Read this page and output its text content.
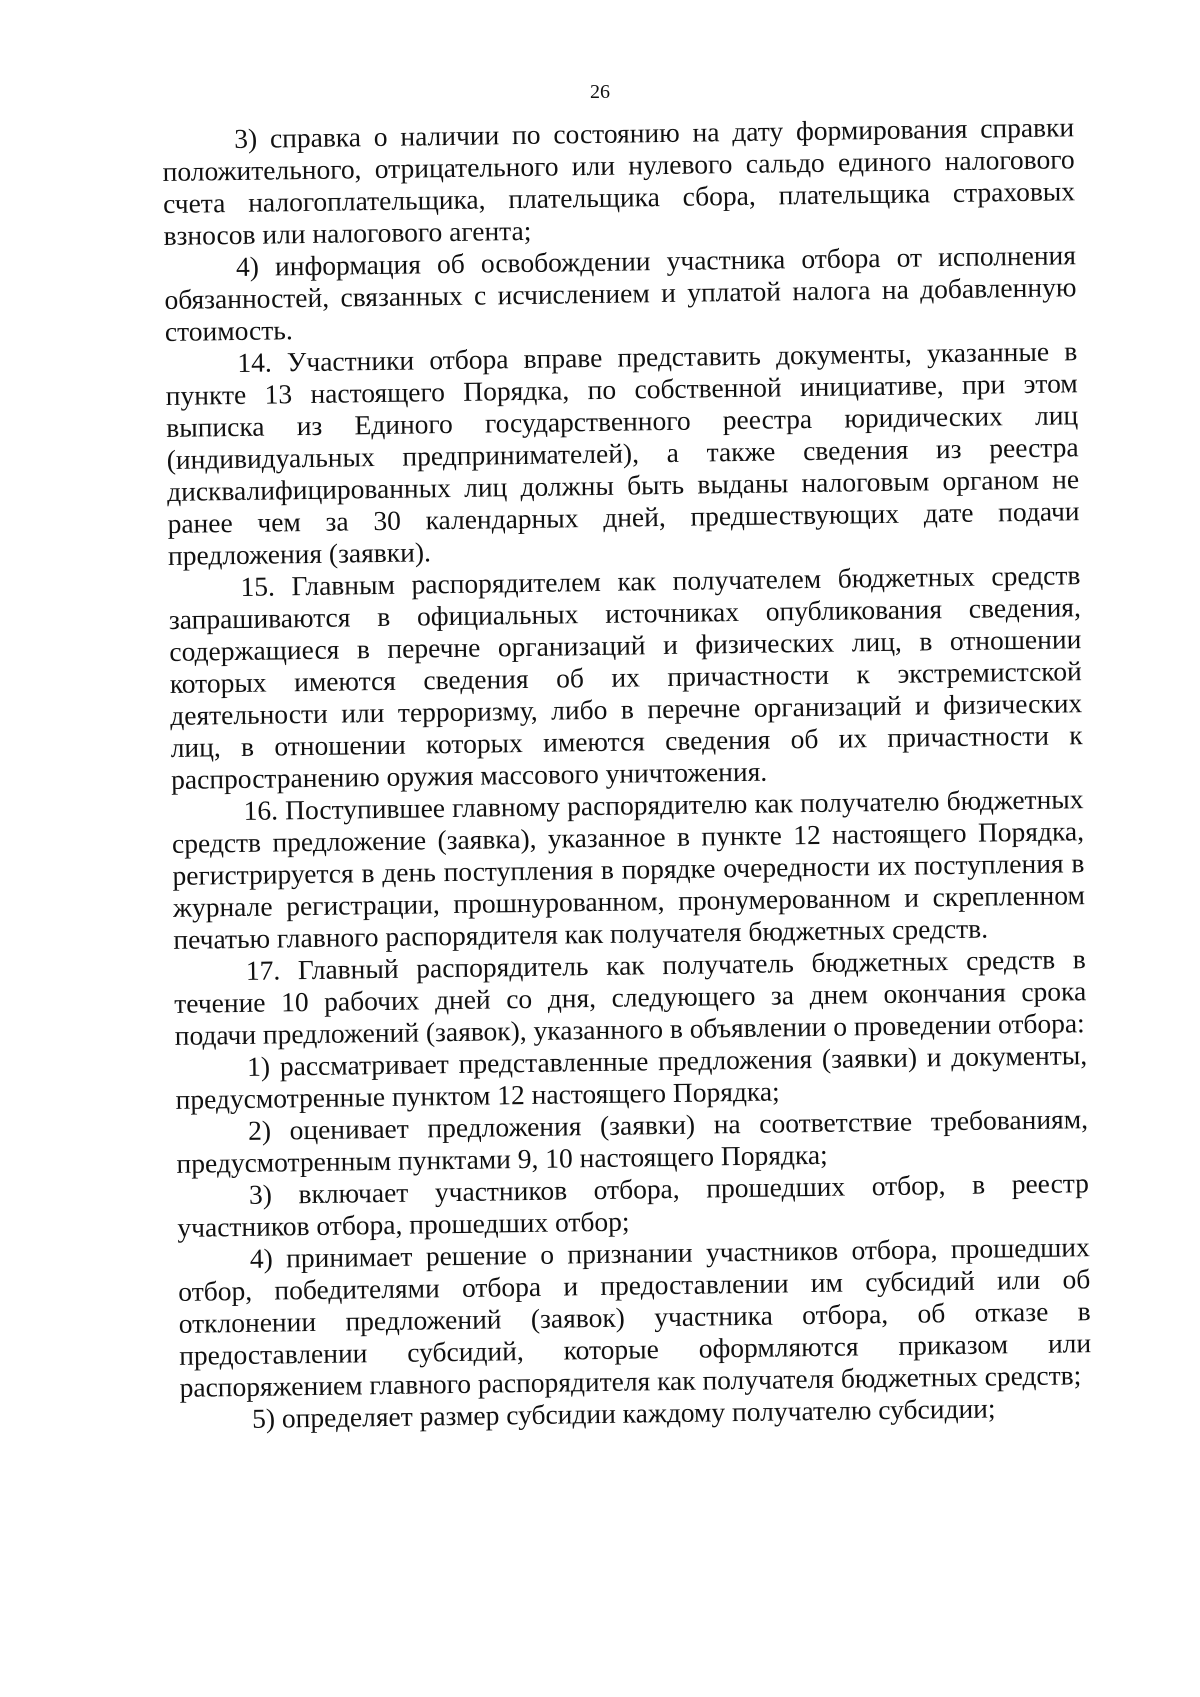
26

3) справка о наличии по состоянию на дату формирования справки положительного, отрицательного или нулевого сальдо единого налогового счета налогоплательщика, плательщика сбора, плательщика страховых взносов или налогового агента;

4) информация об освобождении участника отбора от исполнения обязанностей, связанных с исчислением и уплатой налога на добавленную стоимость.

14. Участники отбора вправе представить документы, указанные в пункте 13 настоящего Порядка, по собственной инициативе, при этом выписка из Единого государственного реестра юридических лиц (индивидуальных предпринимателей), а также сведения из реестра дисквалифицированных лиц должны быть выданы налоговым органом не ранее чем за 30 календарных дней, предшествующих дате подачи предложения (заявки).

15. Главным распорядителем как получателем бюджетных средств запрашиваются в официальных источниках опубликования сведения, содержащиеся в перечне организаций и физических лиц, в отношении которых имеются сведения об их причастности к экстремистской деятельности или терроризму, либо в перечне организаций и физических лиц, в отношении которых имеются сведения об их причастности к распространению оружия массового уничтожения.

16. Поступившее главному распорядителю как получателю бюджетных средств предложение (заявка), указанное в пункте 12 настоящего Порядка, регистрируется в день поступления в порядке очередности их поступления в журнале регистрации, прошнурованном, пронумерованном и скрепленном печатью главного распорядителя как получателя бюджетных средств.

17. Главный распорядитель как получатель бюджетных средств в течение 10 рабочих дней со дня, следующего за днем окончания срока подачи предложений (заявок), указанного в объявлении о проведении отбора:

1) рассматривает представленные предложения (заявки) и документы, предусмотренные пунктом 12 настоящего Порядка;

2) оценивает предложения (заявки) на соответствие требованиям, предусмотренным пунктами 9, 10 настоящего Порядка;

3) включает участников отбора, прошедших отбор, в реестр участников отбора, прошедших отбор;

4) принимает решение о признании участников отбора, прошедших отбор, победителями отбора и предоставлении им субсидий или об отклонении предложений (заявок) участника отбора, об отказе в предоставлении субсидий, которые оформляются приказом или распоряжением главного распорядителя как получателя бюджетных средств;

5) определяет размер субсидии каждому получателю субсидии;
